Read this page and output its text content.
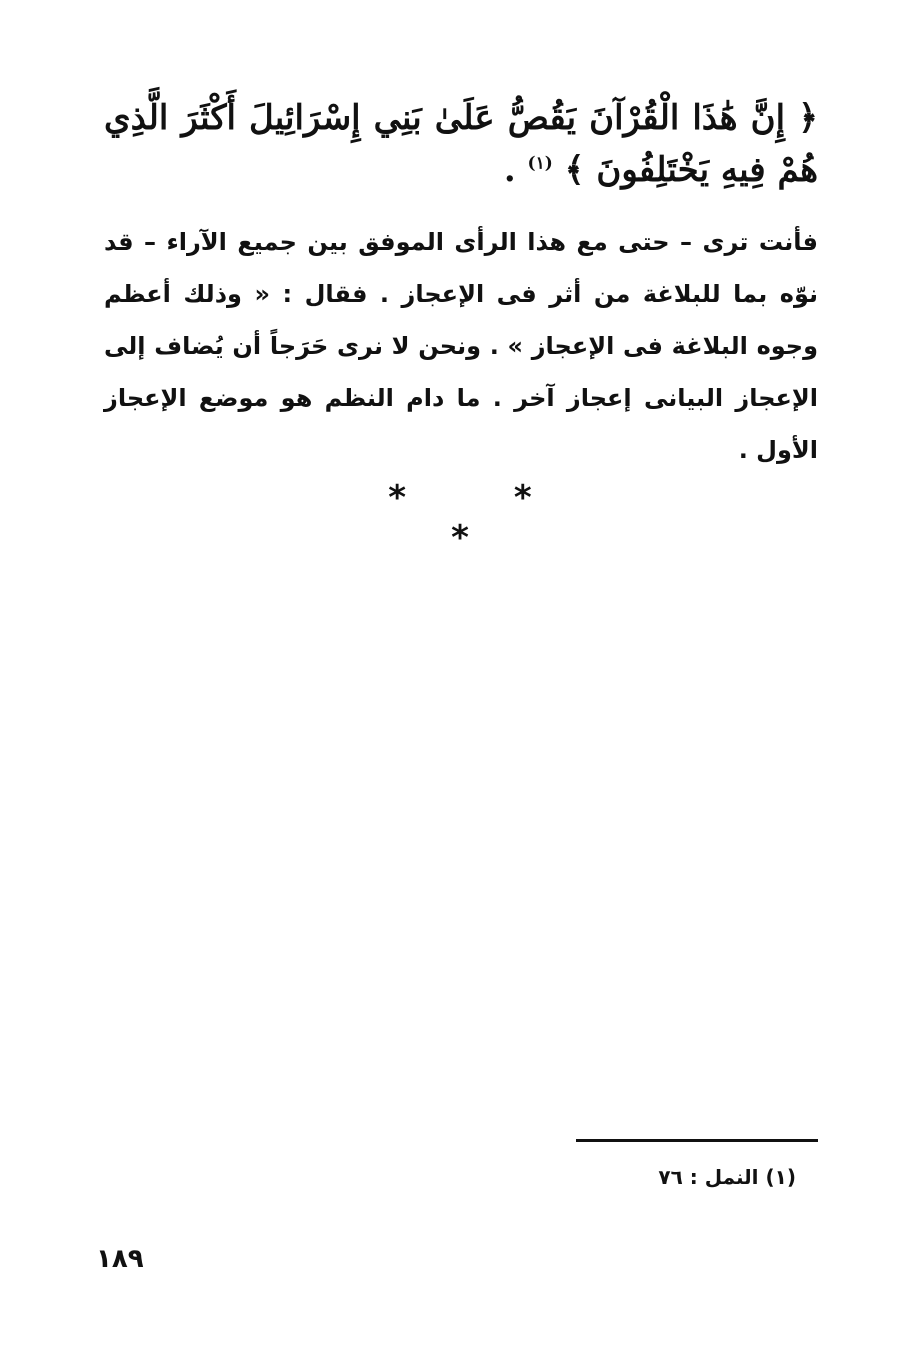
﴿ إِنَّ هَٰذَا الْقُرْآنَ يَقُصُّ عَلَىٰ بَنِي إِسْرَائِيلَ أَكْثَرَ الَّذِي هُمْ فِيهِ يَخْتَلِفُونَ ﴾ $^{(١)}$ .
فأنت ترى – حتى مع هذا الرأى الموفق بين جميع الآراء – قد نوّه بما للبلاغة من أثر فى الإعجاز . فقال : « وذلك أعظم وجوه البلاغة فى الإعجاز » . ونحن لا نرى حَرَجاً أن يُضاف إلى الإعجاز البيانى إعجاز آخر . ما دام النظم هو موضع الإعجاز الأول .
* * *
(١) النمل : ٧٦
١٨٩
